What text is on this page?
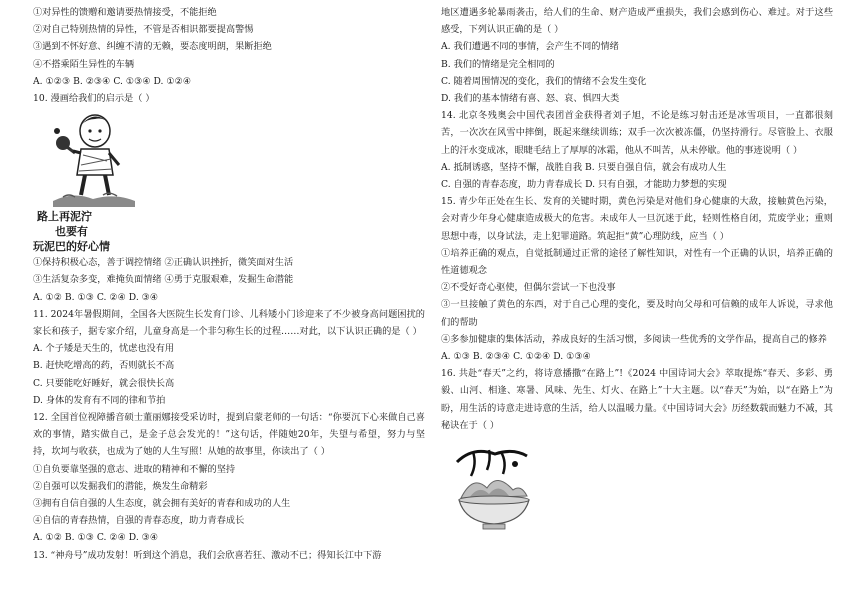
①对异性的馈赠和邀请要热情接受，不能拒绝
②对自己特别热情的异性，不管是否相识都要提高警惕
③遇到不怀好意、纠缠不清的无赖，要态度明朗，果断拒绝
④不搭乘陌生异性的车辆
A. ①②③ B. ②③④ C. ①③④ D. ①②④
10. 漫画给我们的启示是（ ）
路上再泥泞
也要有
玩泥巴的好心情
①保持积极心态，善于调控情绪 ②正确认识挫折，微笑面对生活
③生活复杂多变，难掩负面情绪 ④勇于克服艰难，发掘生命潜能
A. ①② B. ①③ C. ②④ D. ③④
11. 2024年暑假期间，全国各大医院生长发育门诊、儿科矮小门诊迎来了不少被身高问题困扰的家长和孩子，据专家介绍，儿童身高是一个非匀称生长的过程……对此，以下认识正确的是（ ）
A. 个子矮是天生的，忧虑也没有用
B. 赶快吃增高的药，否则就长不高
C. 只要能吃好睡好，就会很快长高
D. 身体的发育有不同的律和节拍
12. 全国首位视障播音硕士董丽娜接受采访时，提到启蒙老师的一句话：“你要沉下心来做自己喜欢的事情，踏实做自己，是金子总会发光的！”这句话，伴随她20年，失望与希望，努力与坚持，坎坷与收获，也成为了她的人生写照！从她的故事里，你读出了（ ）
①自负要靠坚强的意志、进取的精神和不懈的坚持
②自强可以发掘我们的潜能，焕发生命精彩
③拥有自信自强的人生态度，就会拥有美好的青春和成功的人生
④自信的青春热情，自强的青春态度，助力青春成长
A. ①② B. ①③ C. ②④ D. ③④
13. “神舟号”成功发射！听到这个消息，我们会欣喜若狂、激动不已；得知长江中下游
地区遭遇多轮暴雨袭击，给人们的生命、财产造成严重损失，我们会感到伤心、难过。对于这些感受，下列认识正确的是（ ）
A. 我们遭遇不同的事情，会产生不同的情绪
B. 我们的情绪是完全相同的
C. 随着周围情况的变化，我们的情绪不会发生变化
D. 我们的基本情绪有喜、怒、哀、惧四大类
14. 北京冬残奥会中国代表团首金获得者刘子旭，不论是练习射击还是冰雪项目，一直都很刻苦，一次次在风雪中摔倒，既起来继续训练；双手一次次被冻僵，仍坚持滑行。尽管脸上、衣服上的汗水变成冰，眼睫毛结上了厚厚的冰霜，他从不叫苦，从未停歇。他的事迹说明（ ）
A. 抵制诱惑，坚持不懈，战胜自我 B. 只要自强自信，就会有成功人生
C. 自强的青春态度，助力青春成长 D. 只有自强，才能助力梦想的实现
15. 青少年正处在生长、发育的关键时期，黄色污染是对他们身心健康的大敌，接触黄色污染，会对青少年身心健康造成极大的危害。未成年人一旦沉迷于此，轻则性格自闭，荒废学业；重则思想中毒，以身试法，走上犯罪道路。筑起拒“黄”心理防线，应当（ ）
①培养正确的观点，自觉抵制通过正常的途径了解性知识，对性有一个正确的认识，培养正确的性道德观念
②不受好奇心驱使，但偶尔尝试一下也没事
③一旦接触了黄色的东西，对于自己心理的变化，要及时向父母和可信赖的成年人诉说，寻求他们的帮助
④多参加健康的集体活动，养成良好的生活习惯，多阅读一些优秀的文学作品，提高自己的修养
A. ①③ B. ②③④ C. ①②④ D. ①③④
16. 共赴“春天”之约，将诗意播撒“在路上”!《2024 中国诗词大会》萃取提炼“春天、多彩、勇毅、山河、相逢、寒暑、风味、先生、灯火、在路上”十大主题。以“春天”为始，以“在路上”为盼，用生活的诗意走进诗意的生活，给人以温暖力量。《中国诗词大会》历经数载而魅力不减，其秘诀在于（ ）
